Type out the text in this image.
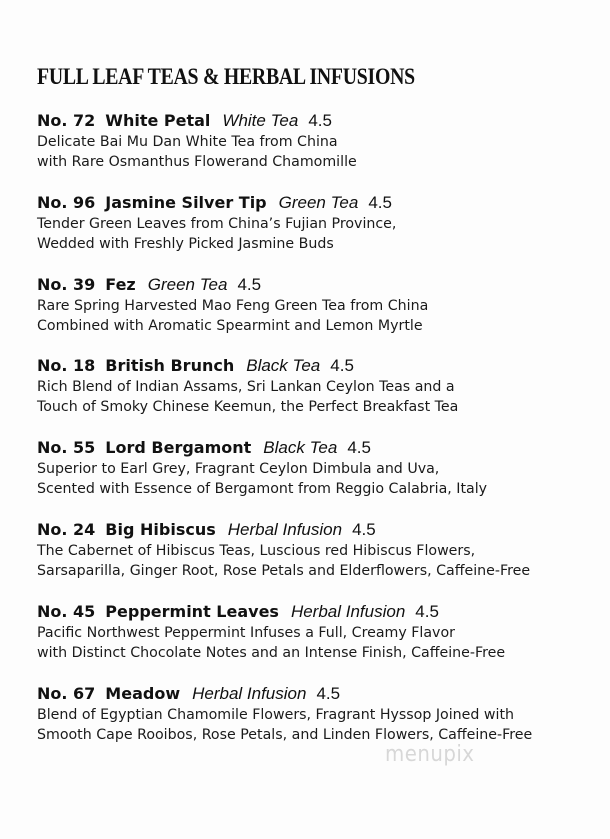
FULL LEAF TEAS & HERBAL INFUSIONS
No. 72 White Petal White Tea 4.5
Delicate Bai Mu Dan White Tea from China
with Rare Osmanthus Flowerand Chamomille
No. 96 Jasmine Silver Tip Green Tea 4.5
Tender Green Leaves from China’s Fujian Province,
Wedded with Freshly Picked Jasmine Buds
No. 39 Fez Green Tea 4.5
Rare Spring Harvested Mao Feng Green Tea from China
Combined with Aromatic Spearmint and Lemon Myrtle
No. 18 British Brunch Black Tea 4.5
Rich Blend of Indian Assams, Sri Lankan Ceylon Teas and a
Touch of Smoky Chinese Keemun, the Perfect Breakfast Tea
No. 55 Lord Bergamont Black Tea 4.5
Superior to Earl Grey, Fragrant Ceylon Dimbula and Uva,
Scented with Essence of Bergamont from Reggio Calabria, Italy
No. 24 Big Hibiscus Herbal Infusion 4.5
The Cabernet of Hibiscus Teas, Luscious red Hibiscus Flowers,
Sarsaparilla, Ginger Root, Rose Petals and Elderflowers, Caffeine-Free
No. 45 Peppermint Leaves Herbal Infusion 4.5
Pacific Northwest Peppermint Infuses a Full, Creamy Flavor
with Distinct Chocolate Notes and an Intense Finish, Caffeine-Free
No. 67 Meadow Herbal Infusion 4.5
Blend of Egyptian Chamomile Flowers, Fragrant Hyssop Joined with
Smooth Cape Rooibos, Rose Petals, and Linden Flowers, Caffeine-Free
menupix
